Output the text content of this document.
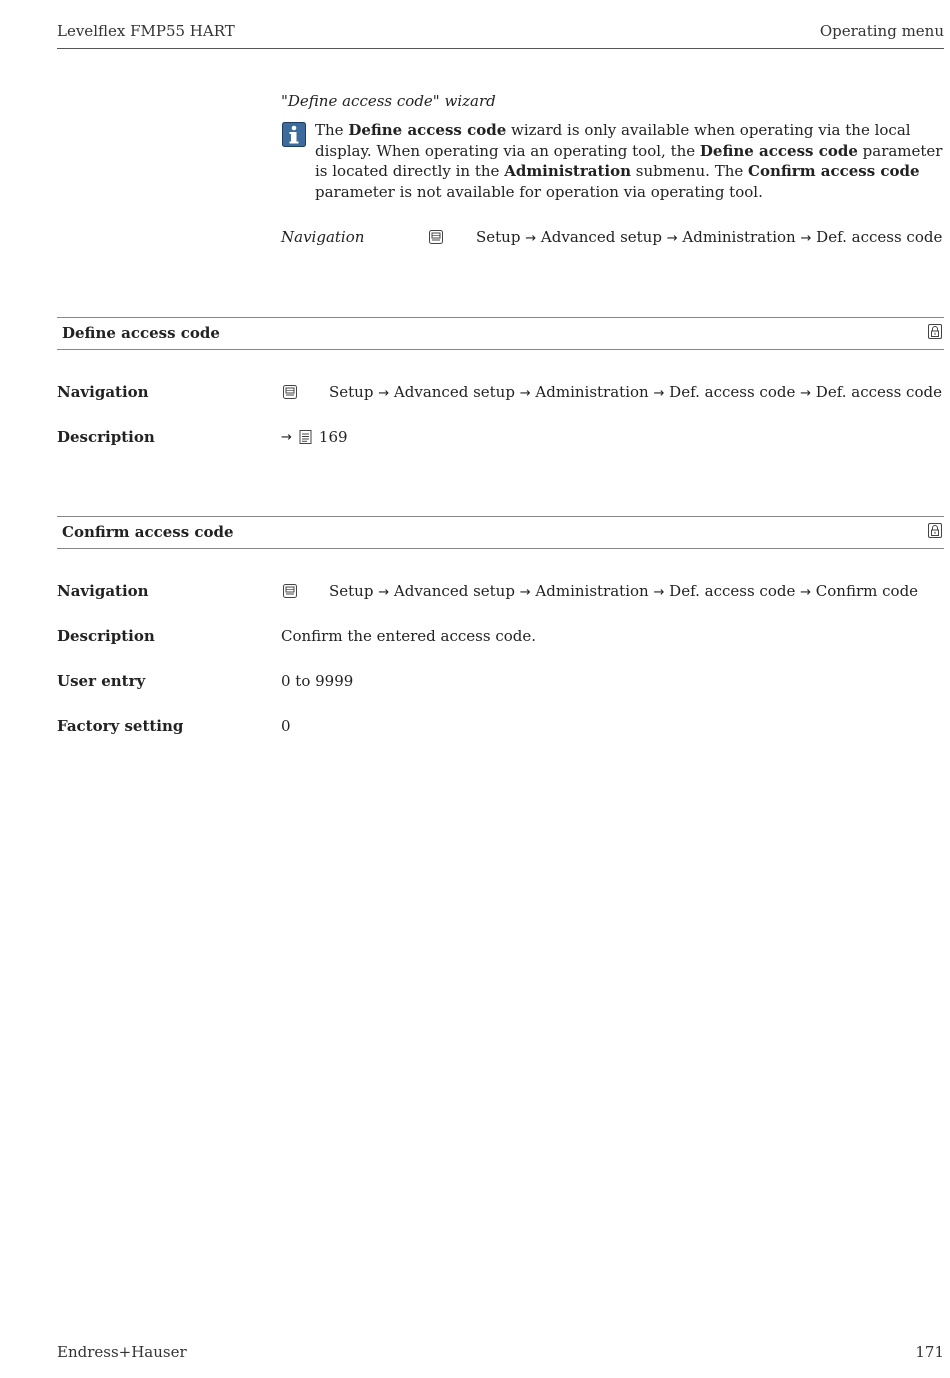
Levelflex FMP55 HART	Operating menu
"Define access code" wizard
The Define access code wizard is only available when operating via the local display. When operating via an operating tool, the Define access code parameter is located directly in the Administration submenu. The Confirm access code parameter is not available for operation via operating tool.
Navigation	Setup → Advanced setup → Administration → Def. access code
Define access code
Navigation	Setup → Advanced setup → Administration → Def. access code → Def. access code
Description	→ 169
Confirm access code
Navigation	Setup → Advanced setup → Administration → Def. access code → Confirm code
Description	Confirm the entered access code.
User entry	0 to 9999
Factory setting	0
Endress+Hauser	171
